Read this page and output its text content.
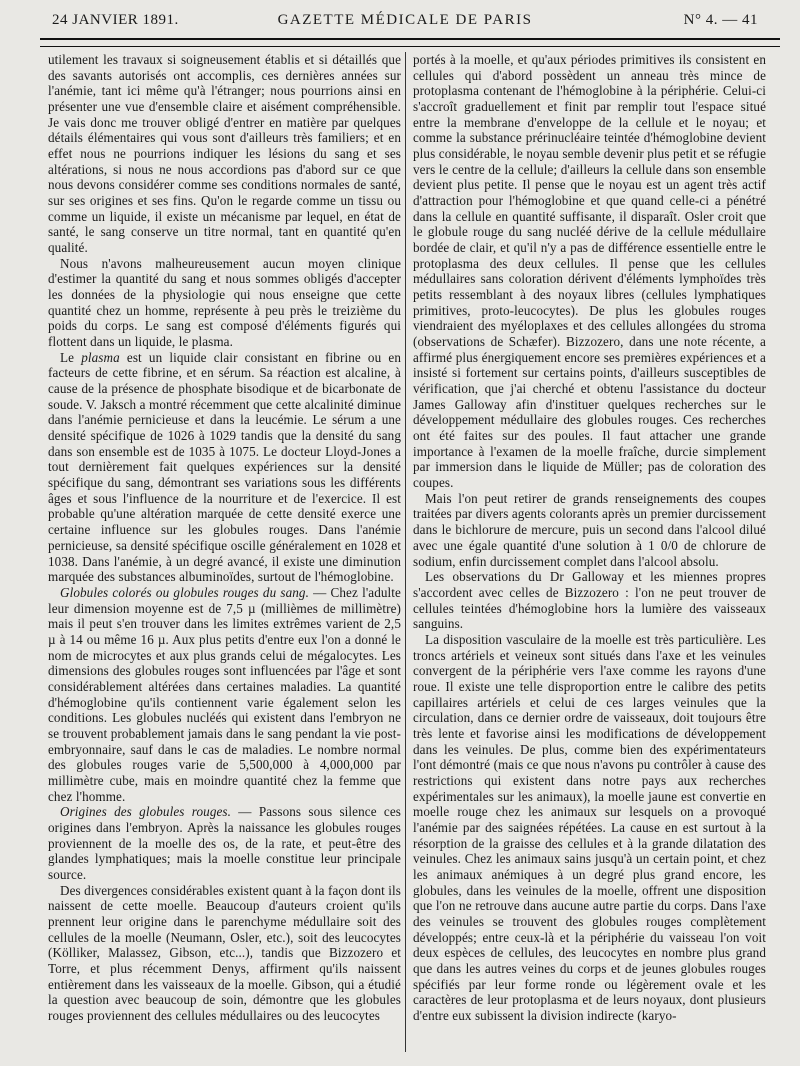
24 JANVIER 1891.	GAZETTE MÉDICALE DE PARIS	N° 4. — 41

utilement les travaux si soigneusement établis et si détaillés que des savants autorisés ont accomplis, ces dernières années sur l'anémie, tant ici même qu'à l'étranger; nous pourrions ainsi en présenter une vue d'ensemble claire et aisément compréhensible. Je vais donc me trouver obligé d'entrer en matière par quelques détails élémentaires qui vous sont d'ailleurs très familiers; et en effet nous ne pourrions indiquer les lésions du sang et ses altérations, si nous ne nous accordions pas d'abord sur ce que nous devons considérer comme ses conditions normales de santé, sur ses origines et ses fins. Qu'on le regarde comme un tissu ou comme un liquide, il existe un mécanisme par lequel, en état de santé, le sang conserve un titre normal, tant en quantité qu'en qualité.

Nous n'avons malheureusement aucun moyen clinique d'estimer la quantité du sang et nous sommes obligés d'accepter les données de la physiologie qui nous enseigne que cette quantité chez un homme, représente à peu près le treizième du poids du corps. Le sang est composé d'éléments figurés qui flottent dans un liquide, le plasma.

Le plasma est un liquide clair consistant en fibrine ou en facteurs de cette fibrine, et en sérum. Sa réaction est alcaline, à cause de la présence de phosphate bisodique et de bicarbonate de soude. V. Jaksch a montré récemment que cette alcalinité diminue dans l'anémie pernicieuse et dans la leucémie. Le sérum a une densité spécifique de 1026 à 1029 tandis que la densité du sang dans son ensemble est de 1035 à 1075. Le docteur Lloyd-Jones a tout dernièrement fait quelques expériences sur la densité spécifique du sang, démontrant ses variations sous les différents âges et sous l'influence de la nourriture et de l'exercice. Il est probable qu'une altération marquée de cette densité exerce une certaine influence sur les globules rouges. Dans l'anémie pernicieuse, sa densité spécifique oscille généralement en 1028 et 1038. Dans l'anémie, à un degré avancé, il existe une diminution marquée des substances albuminoïdes, surtout de l'hémoglobine.

Globules colorés ou globules rouges du sang. — Chez l'adulte leur dimension moyenne est de 7,5 µ (millièmes de millimètre) mais il peut s'en trouver dans les limites extrêmes varient de 2,5 µ à 14 ou même 16 µ. Aux plus petits d'entre eux l'on a donné le nom de microcytes et aux plus grands celui de mégalocytes. Les dimensions des globules rouges sont influencées par l'âge et sont considérablement altérées dans certaines maladies. La quantité d'hémoglobine qu'ils contiennent varie également selon les conditions. Les globules nucléés qui existent dans l'embryon ne se trouvent probablement jamais dans le sang pendant la vie post-embryonnaire, sauf dans le cas de maladies. Le nombre normal des globules rouges varie de 5,500,000 à 4,000,000 par millimètre cube, mais en moindre quantité chez la femme que chez l'homme.

Origines des globules rouges. — Passons sous silence ces origines dans l'embryon. Après la naissance les globules rouges proviennent de la moelle des os, de la rate, et peut-être des glandes lymphatiques; mais la moelle constitue leur principale source.

Des divergences considérables existent quant à la façon dont ils naissent de cette moelle. Beaucoup d'auteurs croient qu'ils prennent leur origine dans le parenchyme médullaire soit des cellules de la moelle (Neumann, Osler, etc.), soit des leucocytes (Kölliker, Malassez, Gibson, etc...), tandis que Bizzozero et Torre, et plus récemment Denys, affirment qu'ils naissent entièrement dans les vaisseaux de la moelle. Gibson, qui a étudié la question avec beaucoup de soin, démontre que les globules rouges proviennent des cellules médullaires ou des leucocytes

portés à la moelle, et qu'aux périodes primitives ils consistent en cellules qui d'abord possèdent un anneau très mince de protoplasma contenant de l'hémoglobine à la périphérie. Celui-ci s'accroît graduellement et finit par remplir tout l'espace situé entre la membrane d'enveloppe de la cellule et le noyau; et comme la substance prérinucléaire teintée d'hémoglobine devient plus considérable, le noyau semble devenir plus petit et se réfugie vers le centre de la cellule; d'ailleurs la cellule dans son ensemble devient plus petite. Il pense que le noyau est un agent très actif d'attraction pour l'hémoglobine et que quand celle-ci a pénétré dans la cellule en quantité suffisante, il disparaît. Osler croit que le globule rouge du sang nucléé dérive de la cellule médullaire bordée de clair, et qu'il n'y a pas de différence essentielle entre le protoplasma des deux cellules. Il pense que les cellules médullaires sans coloration dérivent d'éléments lymphoïdes très petits ressemblant à des noyaux libres (cellules lymphatiques primitives, proto-leucocytes). De plus les globules rouges viendraient des myéloplaxes et des cellules allongées du stroma (observations de Schæfer). Bizzozero, dans une note récente, a affirmé plus énergiquement encore ses premières expériences et a insisté si fortement sur certains points, d'ailleurs susceptibles de vérification, que j'ai cherché et obtenu l'assistance du docteur James Galloway afin d'instituer quelques recherches sur le développement médullaire des globules rouges. Ces recherches ont été faites sur des poules. Il faut attacher une grande importance à l'examen de la moelle fraîche, durcie simplement par immersion dans le liquide de Müller; pas de coloration des coupes.

Mais l'on peut retirer de grands renseignements des coupes traitées par divers agents colorants après un premier durcissement dans le bichlorure de mercure, puis un second dans l'alcool dilué avec une égale quantité d'une solution à 1 0/0 de chlorure de sodium, enfin durcissement complet dans l'alcool absolu.

Les observations du Dr Galloway et les miennes propres s'accordent avec celles de Bizzozero : l'on ne peut trouver de cellules teintées d'hémoglobine hors la lumière des vaisseaux sanguins.

La disposition vasculaire de la moelle est très particulière. Les troncs artériels et veineux sont situés dans l'axe et les veinules convergent de la périphérie vers l'axe comme les rayons d'une roue. Il existe une telle disproportion entre le calibre des petits capillaires artériels et celui de ces larges veinules que la circulation, dans ce dernier ordre de vaisseaux, doit toujours être très lente et favorise ainsi les modifications de développement dans les veinules. De plus, comme bien des expérimentateurs l'ont démontré (mais ce que nous n'avons pu contrôler à cause des restrictions qui existent dans notre pays aux recherches expérimentales sur les animaux), la moelle jaune est convertie en moelle rouge chez les animaux sur lesquels on a provoqué l'anémie par des saignées répétées. La cause en est surtout à la résorption de la graisse des cellules et à la grande dilatation des veinules. Chez les animaux sains jusqu'à un certain point, et chez les animaux anémiques à un degré plus grand encore, les globules, dans les veinules de la moelle, offrent une disposition que l'on ne retrouve dans aucune autre partie du corps. Dans l'axe des veinules se trouvent des globules rouges complètement développés; entre ceux-là et la périphérie du vaisseau l'on voit deux espèces de cellules, des leucocytes en nombre plus grand que dans les autres veines du corps et de jeunes globules rouges spécifiés par leur forme ronde ou légèrement ovale et les caractères de leur protoplasma et de leurs noyaux, dont plusieurs d'entre eux subissent la division indirecte (karyo-
